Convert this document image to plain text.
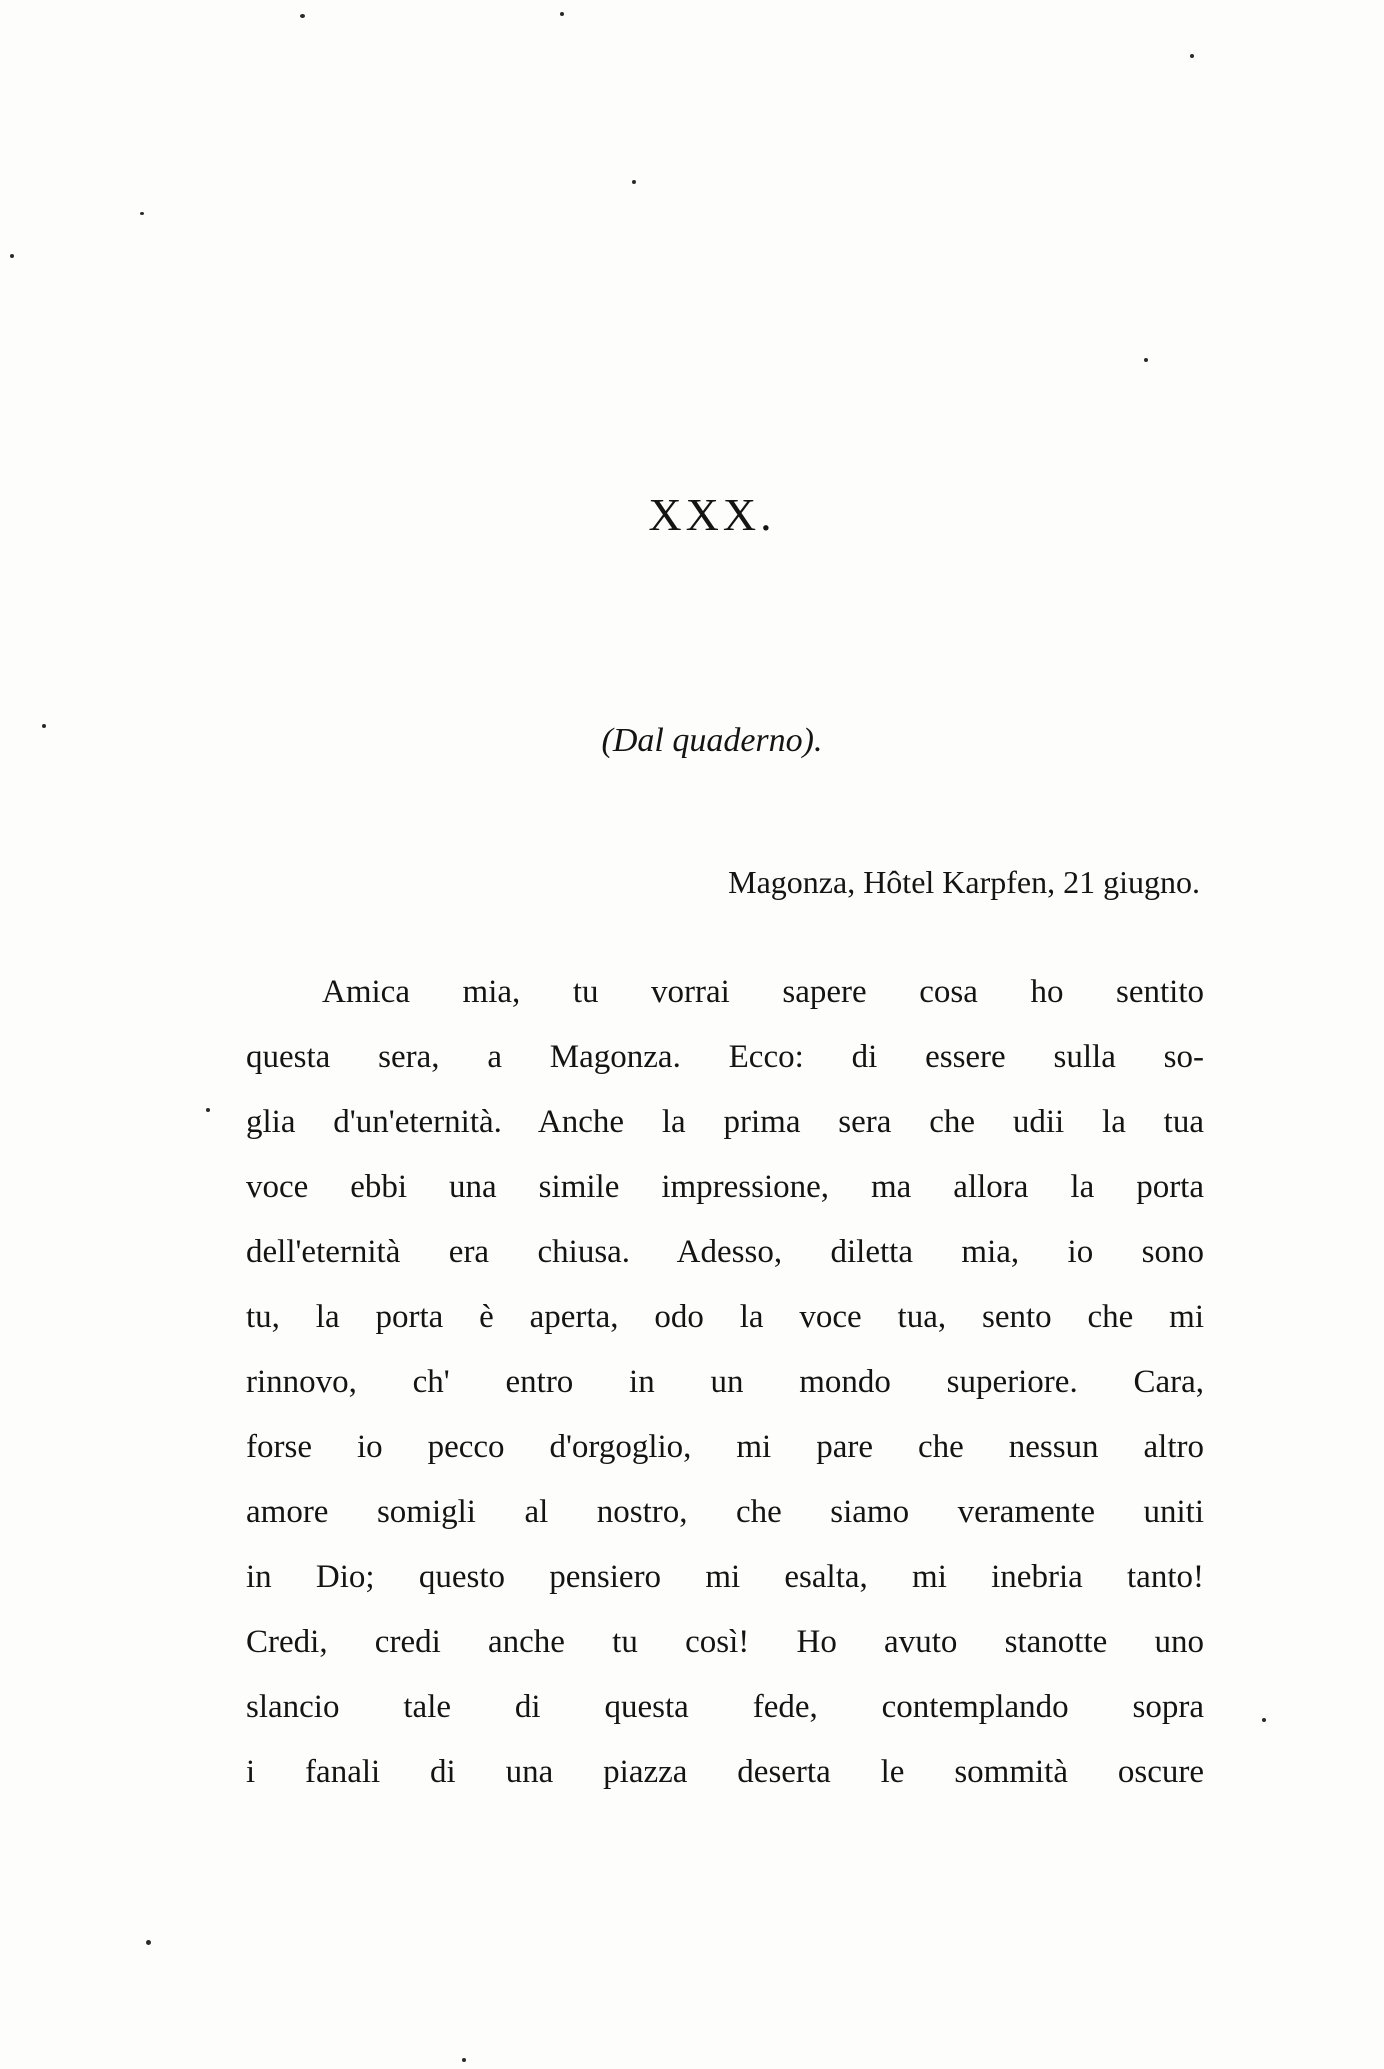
XXX.
(Dal quaderno).
Magonza, Hôtel Karpfen, 21 giugno.
Amica mia, tu vorrai sapere cosa ho sentito
questa sera, a Magonza. Ecco: di essere sulla so-
glia d'un'eternità. Anche la prima sera che udii la tua
voce ebbi una simile impressione, ma allora la porta
dell'eternità era chiusa. Adesso, diletta mia, io sono
tu, la porta è aperta, odo la voce tua, sento che mi
rinnovo, ch' entro in un mondo superiore. Cara,
forse io pecco d'orgoglio, mi pare che nessun altro
amore somigli al nostro, che siamo veramente uniti
in Dio; questo pensiero mi esalta, mi inebria tanto!
Credi, credi anche tu così! Ho avuto stanotte uno
slancio tale di questa fede, contemplando sopra
i fanali di una piazza deserta le sommità oscure
